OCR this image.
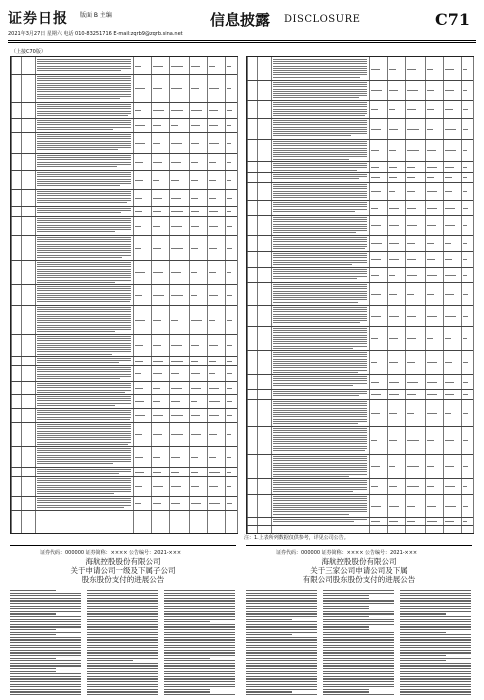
证券日报 版面 B 主编
2021年3月27日 星期六 电话 010-83251716 E-mail:zqrb9@zqrb.sina.net
信息披露 DISCLOSURE	C71
（上接C70版）
注：1.上表所列数据仅供参考，详见公司公告。
证券代码：000000 证券简称：×××× 公告编号：2021-×××
海航控股股份有限公司
关于申请公司一级及下属子公司
股东股份支付的进展公告
证券代码：000000 证券简称：×××× 公告编号：2021-×××
海航控股股份有限公司
关于三家公司申请公司及下属
有限公司股东股份支付的进展公告
